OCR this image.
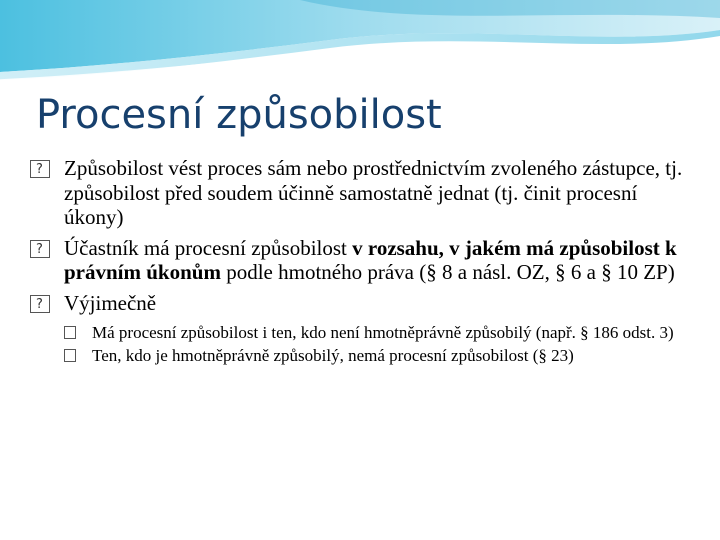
Procesní způsobilost
?
Způsobilost vést proces sám nebo prostřednictvím zvoleného zástupce, tj. způsobilost před soudem účinně samostatně jednat (tj. činit procesní úkony)
?
Účastník má procesní způsobilost v rozsahu, v jakém má způsobilost k právním úkonům podle hmotného práva (§ 8 a násl. OZ, § 6 a § 10 ZP)
?
Výjimečně
Má procesní způsobilost i ten, kdo není hmotněprávně způsobilý (např. § 186 odst. 3)
Ten, kdo je hmotněprávně způsobilý, nemá procesní způsobilost (§ 23)
